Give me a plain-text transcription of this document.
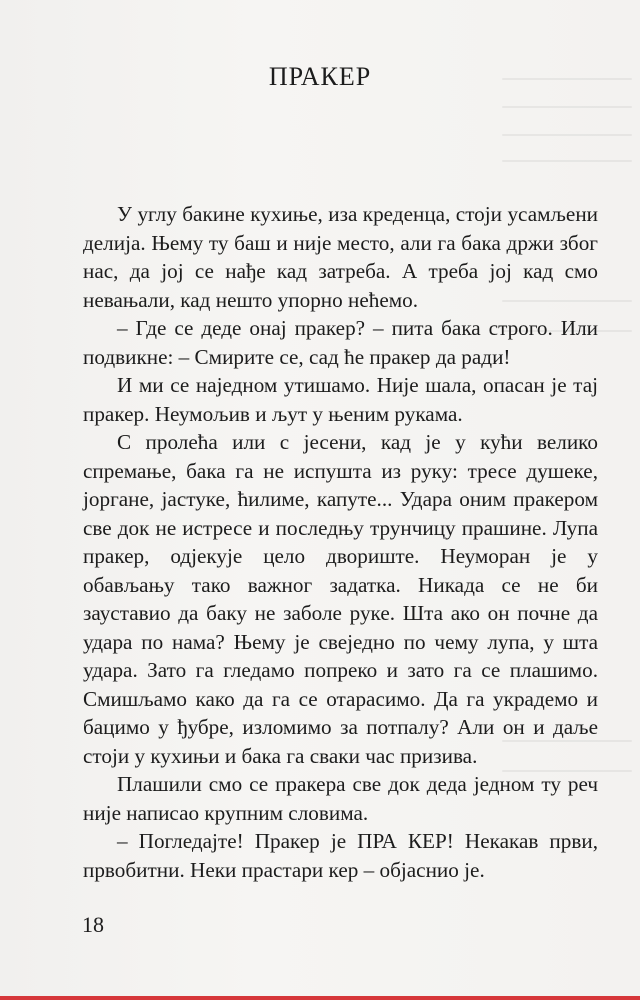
ПРАКЕР

У углу бакине кухиње, иза креденца, стоји усамљени делија. Њему ту баш и није место, али га бака држи због нас, да јој се нађе кад затреба. А треба јој кад смо невањали, кад нешто упорно нећемо.

– Где се деде онај пракер? – пита бака строго. Или подвикне: – Смирите се, сад ће пракер да ради!

И ми се наједном утишамо. Није шала, опасан је тај пракер. Неумољив и љут у њеним рукама.

С пролећа или с јесени, кад је у кући велико спремање, бака га не испушта из руку: тресе душеке, јоргане, јастуке, ћилиме, капуте... Удара оним пракером све док не истресе и последњу трунчицу прашине. Лупа пракер, одјекује цело двориште. Неуморан је у обављању тако важног задатка. Никада се не би зауставио да баку не заболе руке. Шта ако он почне да удара по нама? Њему је свеједно по чему лупа, у шта удара. Зато га гледамо попреко и зато га се плашимо. Смишљамо како да га се отарасимо. Да га украдемо и бацимо у ђубре, изломимо за потпалу? Али он и даље стоји у кухињи и бака га сваки час призива.

Плашили смо се пракера све док деда једном ту реч није написао крупним словима.

– Погледајте! Пракер је ПРА КЕР! Некакав први, првобитни. Неки прастари кер – објаснио је.

18
